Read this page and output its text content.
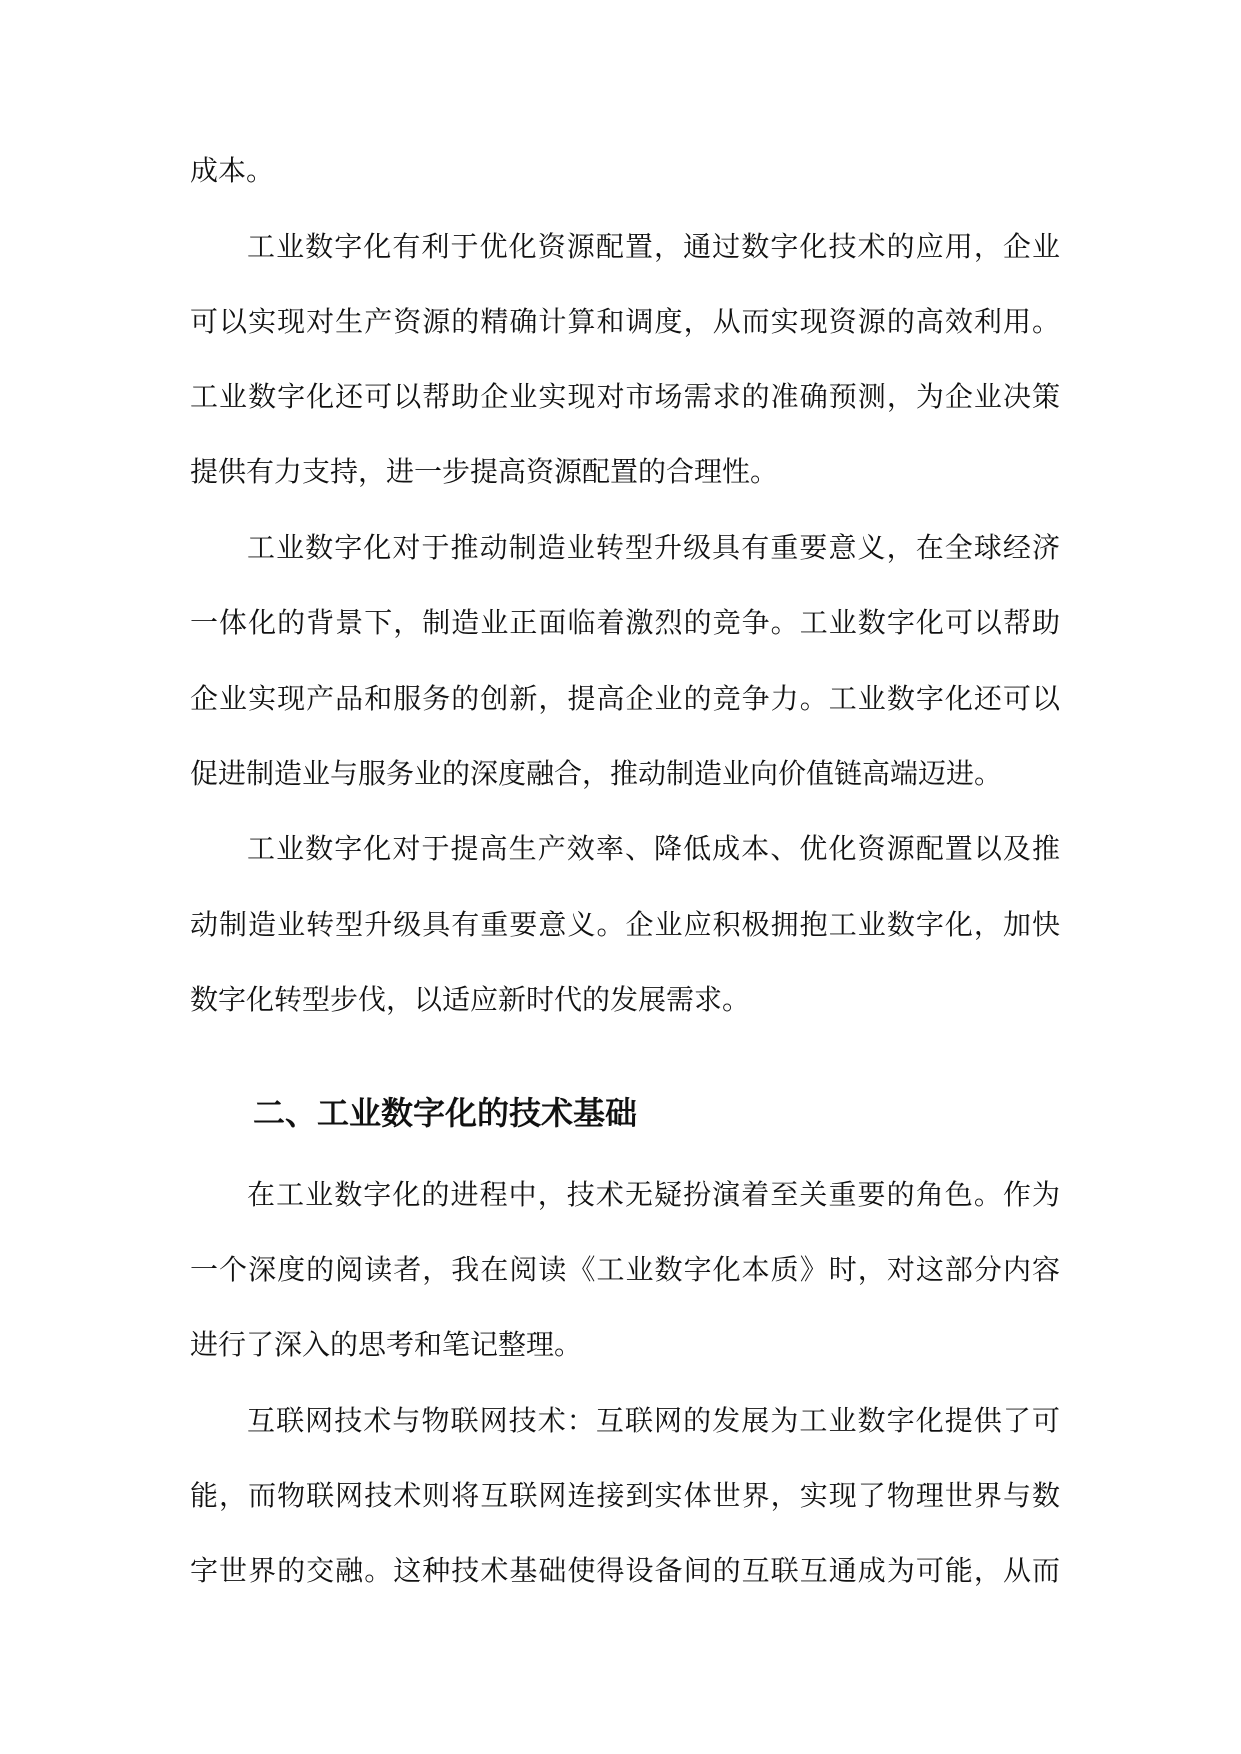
成本。
工业数字化有利于优化资源配置，通过数字化技术的应用，企业
可以实现对生产资源的精确计算和调度，从而实现资源的高效利用。
工业数字化还可以帮助企业实现对市场需求的准确预测，为企业决策
提供有力支持，进一步提高资源配置的合理性。
工业数字化对于推动制造业转型升级具有重要意义，在全球经济
一体化的背景下，制造业正面临着激烈的竞争。工业数字化可以帮助
企业实现产品和服务的创新，提高企业的竞争力。工业数字化还可以
促进制造业与服务业的深度融合，推动制造业向价值链高端迈进。
工业数字化对于提高生产效率、降低成本、优化资源配置以及推
动制造业转型升级具有重要意义。企业应积极拥抱工业数字化，加快
数字化转型步伐，以适应新时代的发展需求。
二、工业数字化的技术基础
在工业数字化的进程中，技术无疑扮演着至关重要的角色。作为
一个深度的阅读者，我在阅读《工业数字化本质》时，对这部分内容
进行了深入的思考和笔记整理。
互联网技术与物联网技术：互联网的发展为工业数字化提供了可
能，而物联网技术则将互联网连接到实体世界，实现了物理世界与数
字世界的交融。这种技术基础使得设备间的互联互通成为可能，从而
